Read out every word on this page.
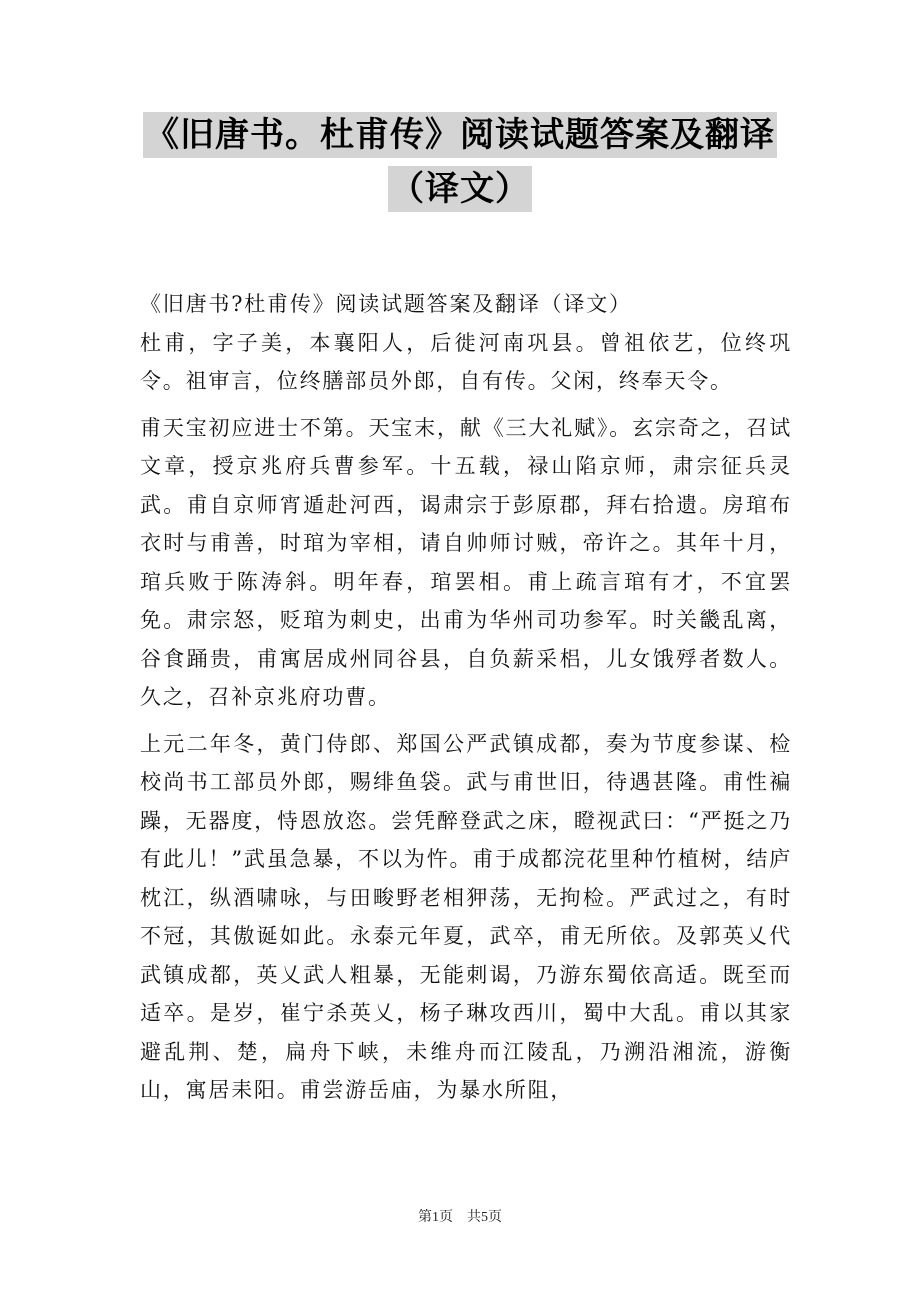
《旧唐书。杜甫传》阅读试题答案及翻译
（译文）

《旧唐书?杜甫传》阅读试题答案及翻译（译文）

杜甫，字子美，本襄阳人，后徙河南巩县。曾祖依艺，位终巩令。祖审言，位终膳部员外郎，自有传。父闲，终奉天令。

甫天宝初应进士不第。天宝末，献《三大礼赋》。玄宗奇之，召试文章，授京兆府兵曹参军。十五载，禄山陷京师，肃宗征兵灵武。甫自京师宵遁赴河西，谒肃宗于彭原郡，拜右拾遗。房琯布衣时与甫善，时琯为宰相，请自帅师讨贼，帝许之。其年十月，琯兵败于陈涛斜。明年春，琯罢相。甫上疏言琯有才，不宜罢免。肃宗怒，贬琯为刺史，出甫为华州司功参军。时关畿乱离，谷食踊贵，甫寓居成州同谷县，自负薪采梠，儿女饿殍者数人。久之，召补京兆府功曹。

上元二年冬，黄门侍郎、郑国公严武镇成都，奏为节度参谋、检校尚书工部员外郎，赐绯鱼袋。武与甫世旧，待遇甚隆。甫性褊躁，无器度，恃恩放恣。尝凭醉登武之床，瞪视武曰：“严挺之乃有此儿！”武虽急暴，不以为忤。甫于成都浣花里种竹植树，结庐枕江，纵酒啸咏，与田畯野老相狎荡，无拘检。严武过之，有时不冠，其傲诞如此。永泰元年夏，武卒，甫无所依。及郭英乂代武镇成都，英乂武人粗暴，无能刺谒，乃游东蜀依高适。既至而适卒。是岁，崔宁杀英乂，杨子琳攻西川，蜀中大乱。甫以其家避乱荆、楚，扁舟下峡，未维舟而江陵乱，乃溯沿湘流，游衡山，寓居耒阳。甫尝游岳庙，为暴水所阻，

第1页　共5页
